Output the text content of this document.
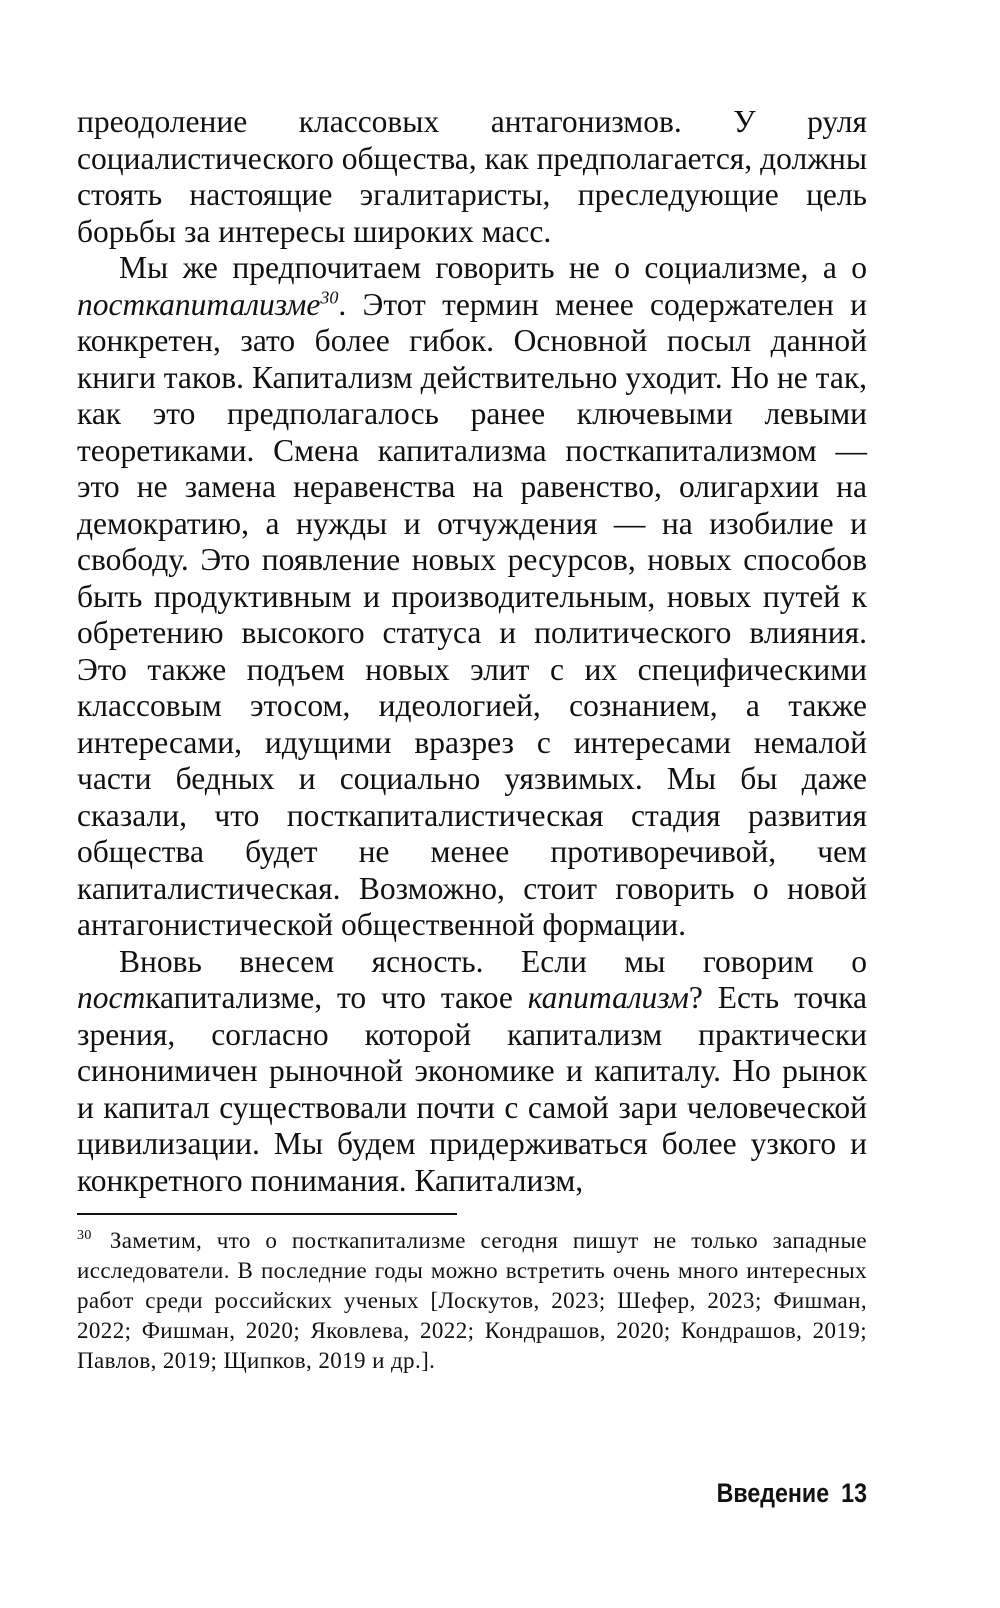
преодоление классовых антагонизмов. У руля социалистического общества, как предполагается, должны стоять настоящие эгалитаристы, преследующие цель борьбы за интересы широких масс.

Мы же предпочитаем говорить не о социализме, а о посткапитализме$^{30}$. Этот термин менее содержателен и конкретен, зато более гибок. Основной посыл данной книги таков. Капитализм действительно уходит. Но не так, как это предполагалось ранее ключевыми левыми теоретиками. Смена капитализма посткапитализмом — это не замена неравенства на равенство, олигархии на демократию, а нужды и отчуждения — на изобилие и свободу. Это появление новых ресурсов, новых способов быть продуктивным и производительным, новых путей к обретению высокого статуса и политического влияния. Это также подъем новых элит с их специфическими классовым этосом, идеологией, сознанием, а также интересами, идущими вразрез с интересами немалой части бедных и социально уязвимых. Мы бы даже сказали, что посткапиталистическая стадия развития общества будет не менее противоречивой, чем капиталистическая. Возможно, стоит говорить о новой антагонистической общественной формации.

Вновь внесем ясность. Если мы говорим о посткапитализме, то что такое капитализм? Есть точка зрения, согласно которой капитализм практически синонимичен рыночной экономике и капиталу. Но рынок и капитал существовали почти с самой зари человеческой цивилизации. Мы будем придерживаться более узкого и конкретного понимания. Капитализм,

$^{30}$ Заметим, что о посткапитализме сегодня пишут не только западные исследователи. В последние годы можно встретить очень много интересных работ среди российских ученых [Лоскутов, 2023; Шефер, 2023; Фишман, 2022; Фишман, 2020; Яковлева, 2022; Кондрашов, 2020; Кондрашов, 2019; Павлов, 2019; Щипков, 2019 и др.].

Введение 13
